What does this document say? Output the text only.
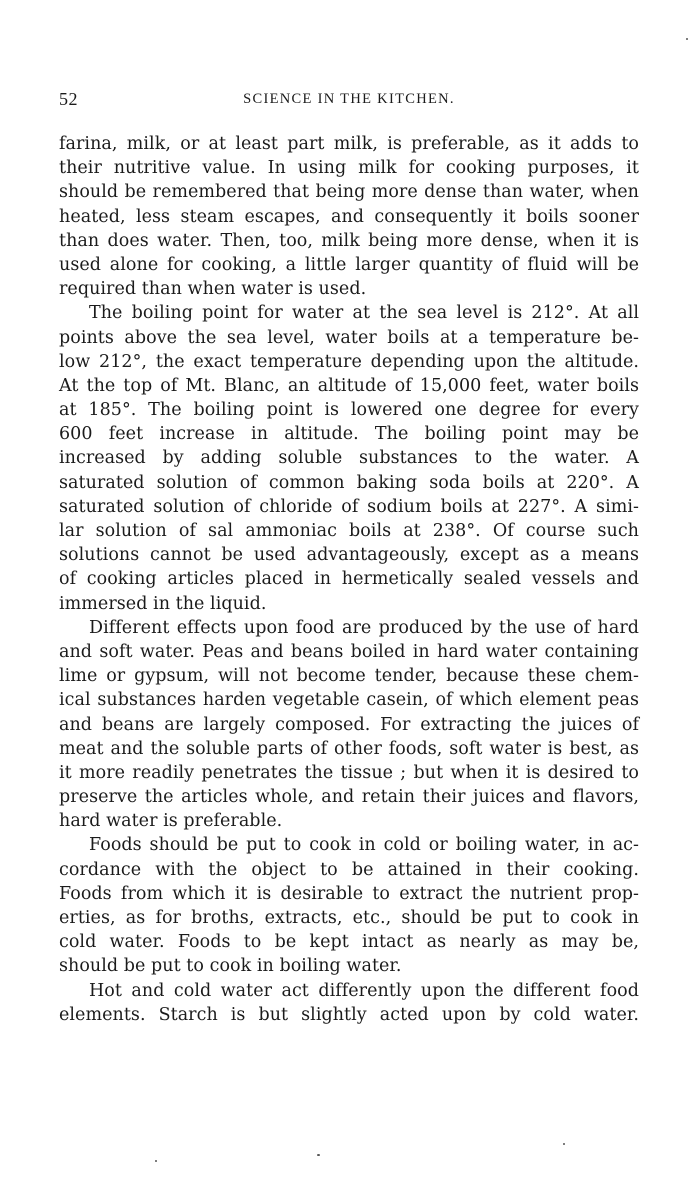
52	SCIENCE IN THE KITCHEN.
farina, milk, or at least part milk, is preferable, as it adds to
their nutritive value. In using milk for cooking purposes, it
should be remembered that being more dense than water, when
heated, less steam escapes, and consequently it boils sooner
than does water. Then, too, milk being more dense, when it is
used alone for cooking, a little larger quantity of fluid will be
required than when water is used.
The boiling point for water at the sea level is 212°. At all
points above the sea level, water boils at a temperature be-
low 212°, the exact temperature depending upon the altitude.
At the top of Mt. Blanc, an altitude of 15,000 feet, water boils
at 185°. The boiling point is lowered one degree for every
600 feet increase in altitude. The boiling point may be
increased by adding soluble substances to the water. A
saturated solution of common baking soda boils at 220°. A
saturated solution of chloride of sodium boils at 227°. A simi-
lar solution of sal ammoniac boils at 238°. Of course such
solutions cannot be used advantageously, except as a means
of cooking articles placed in hermetically sealed vessels and
immersed in the liquid.
Different effects upon food are produced by the use of hard
and soft water. Peas and beans boiled in hard water containing
lime or gypsum, will not become tender, because these chem-
ical substances harden vegetable casein, of which element peas
and beans are largely composed. For extracting the juices of
meat and the soluble parts of other foods, soft water is best, as
it more readily penetrates the tissue ; but when it is desired to
preserve the articles whole, and retain their juices and flavors,
hard water is preferable.
Foods should be put to cook in cold or boiling water, in ac-
cordance with the object to be attained in their cooking.
Foods from which it is desirable to extract the nutrient prop-
erties, as for broths, extracts, etc., should be put to cook in
cold water. Foods to be kept intact as nearly as may be,
should be put to cook in boiling water.
Hot and cold water act differently upon the different food
elements. Starch is but slightly acted upon by cold water.
